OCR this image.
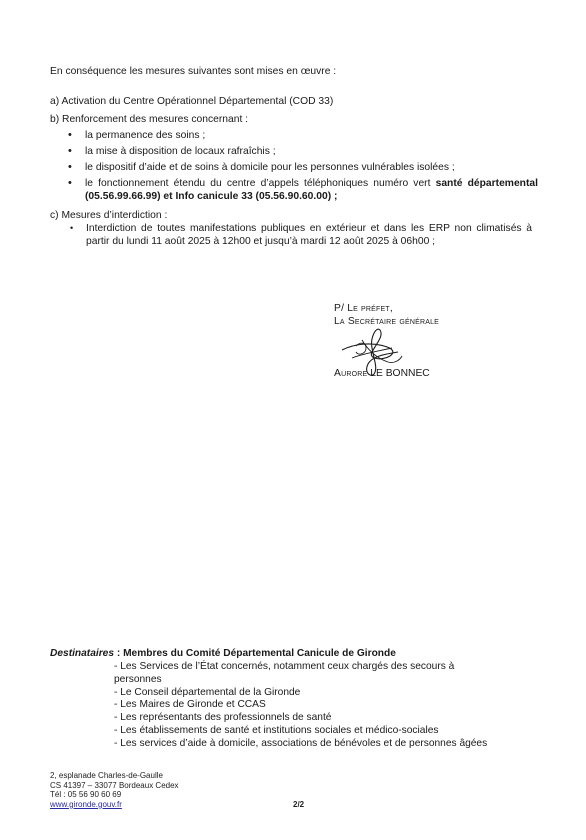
En conséquence les mesures suivantes sont mises en œuvre :
a) Activation du Centre Opérationnel Départemental (COD 33)
b) Renforcement des mesures concernant :
• la permanence des soins ;
• la mise à disposition de locaux rafraîchis ;
• le dispositif d’aide et de soins à domicile pour les personnes vulnérables isolées ;
• le fonctionnement étendu du centre d’appels téléphoniques numéro vert santé départemental (05.56.99.66.99) et Info canicule 33 (05.56.90.60.00) ;
c) Mesures d’interdiction :
• Interdiction de toutes manifestations publiques en extérieur et dans les ERP non climatisés à partir du lundi 11 août 2025 à 12h00 et jusqu’à mardi 12 août 2025 à 06h00 ;
P/ Le préfet,
La Secrétaire générale
Aurore LE BONNEC
Destinataires : Membres du Comité Départemental Canicule de Gironde
- Les Services de l’État concernés, notamment ceux chargés des secours à
personnes
- Le Conseil départemental de la Gironde
- Les Maires de Gironde et CCAS
- Les représentants des professionnels de santé
- Les établissements de santé et institutions sociales et médico-sociales
- Les services d’aide à domicile, associations de bénévoles et de personnes âgées
2, esplanade Charles-de-Gaulle
CS 41397 – 33077 Bordeaux Cedex
Tél : 05 56 90 60 69
www.gironde.gouv.fr	2/2
